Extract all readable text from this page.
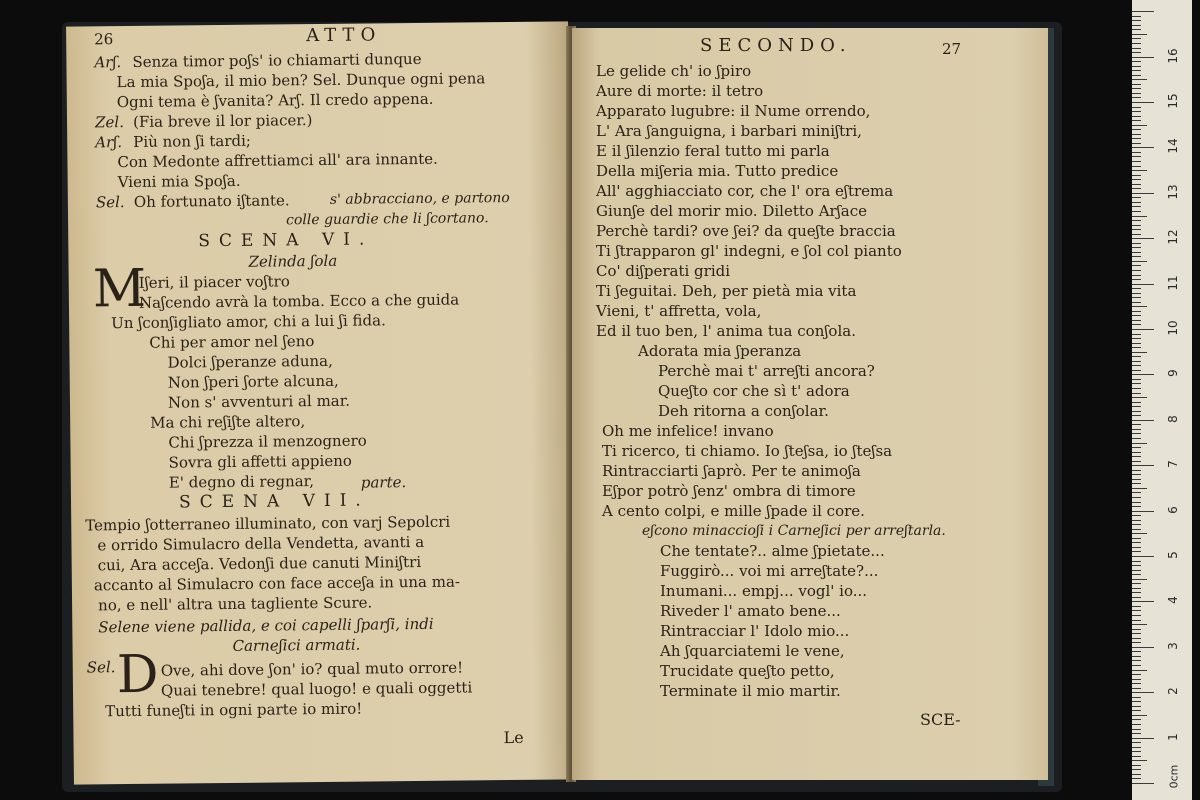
26	ATTO
Arʃ. Senza timor poʃs' io chiamarti dunque
La mia Spoʃa, il mio ben? Sel. Dunque ogni pena
Ogni tema è ʃvanita? Arʃ. Il credo appena.
Zel. (Fia breve il lor piacer.)
Arʃ. Più non ʃi tardi;
Con Medonte affrettiamci all' ara innante.
Vieni mia Spoʃa.
Sel. Oh fortunato iʃtante.	s' abbracciano, e partono
colle guardie che li ʃcortano.
SCENA VI.
Zelinda ʃola
M
Iʃeri, il piacer voʃtro
Naʃcendo avrà la tomba. Ecco a che guida
Un ʃconʃigliato amor, chi a lui ʃi fida.
Chi per amor nel ʃeno
Dolci ʃperanze aduna,
Non ʃperi ʃorte alcuna,
Non s' avventuri al mar.
Ma chi reʃiʃte altero,
Chi ʃprezza il menzognero
Sovra gli affetti appieno
E' degno di regnar,	parte.
SCENA VII.
Tempio ʃotterraneo illuminato, con varj Sepolcri
e orrido Simulacro della Vendetta, avanti a
cui, Ara acceʃa. Vedonʃi due canuti Miniʃtri
accanto al Simulacro con face acceʃa in una ma-
no, e nell' altra una tagliente Scure.
Selene viene pallida, e coi capelli ʃparʃi, indi
Carneʃici armati.
Sel. D Ove, ahi dove ʃon' io? qual muto orrore!
Quai tenebre! qual luogo! e quali oggetti
Tutti funeʃti in ogni parte io miro!
Le
SECONDO.	27
Le gelide ch' io ʃpiro
Aure di morte: il tetro
Apparato lugubre: il Nume orrendo,
L' Ara ʃanguigna, i barbari miniʃtri,
E il ʃilenzio feral tutto mi parla
Della miʃeria mia. Tutto predice
All' agghiacciato cor, che l' ora eʃtrema
Giunʃe del morir mio. Diletto Arʃace
Perchè tardi? ove ʃei? da queʃte braccia
Ti ʃtrapparon gl' indegni, e ʃol col pianto
Co' diʃperati gridi
Ti ʃeguitai. Deh, per pietà mia vita
Vieni, t' affretta, vola,
Ed il tuo ben, l' anima tua conʃola.
Adorata mia ʃperanza
Perchè mai t' arreʃti ancora?
Queʃto cor che sì t' adora
Deh ritorna a conʃolar.
Oh me infelice! invano
Ti ricerco, ti chiamo. Io ʃteʃsa, io ʃteʃsa
Rintracciarti ʃaprò. Per te animoʃa
Eʃpor potrò ʃenz' ombra di timore
A cento colpi, e mille ʃpade il core.
eʃcono minaccioʃi i Carneʃici per arreʃtarla.
Che tentate?.. alme ʃpietate...
Fuggirò... voi mi arreʃtate?...
Inumani... empj... vogl' io...
Riveder l' amato bene...
Rintracciar l' Idolo mio...
Ah ʃquarciatemi le vene,
Trucidate queʃto petto,
Terminate il mio martir.
SCE-
0cm
1
2
3
4
5
6
7
8
9
10
11
12
13
14
15
16
